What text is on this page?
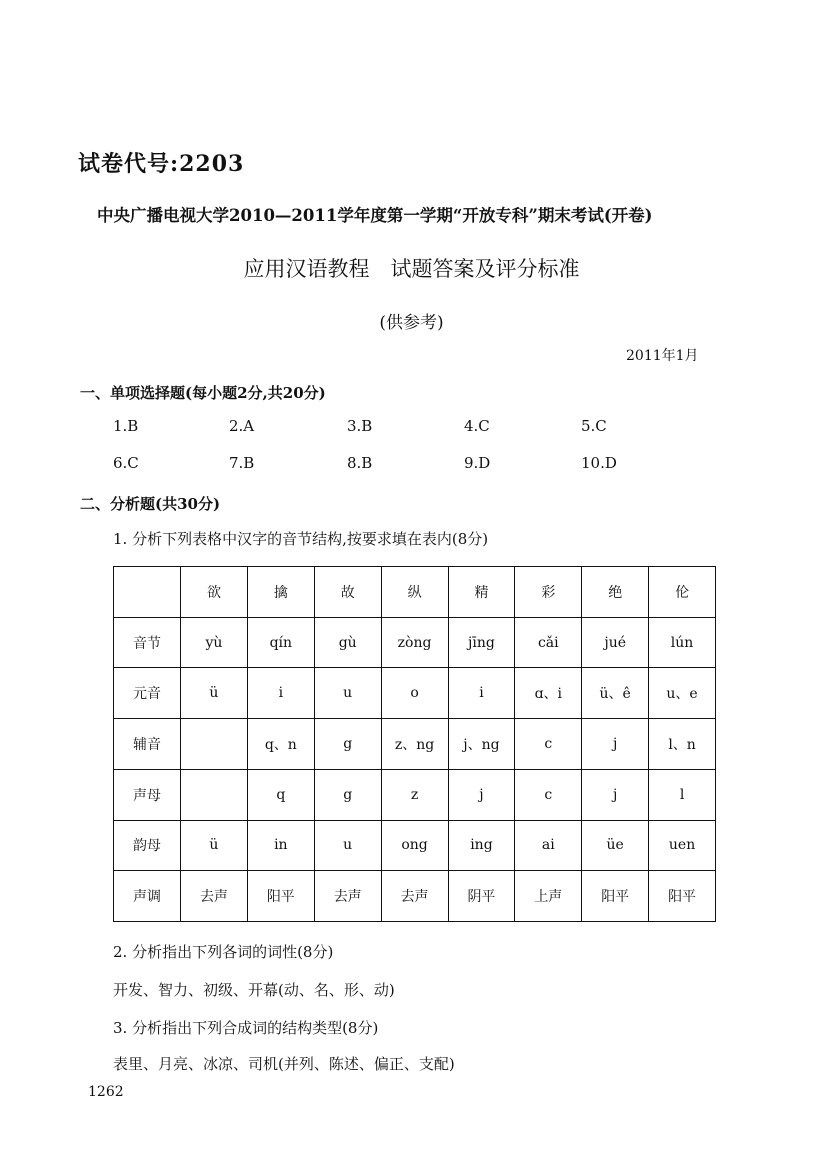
试卷代号:2203
中央广播电视大学2010—2011学年度第一学期“开放专科”期末考试(开卷)
应用汉语教程　试题答案及评分标准
(供参考)
2011年1月
一、单项选择题(每小题2分,共20分)
1.B	2.A	3.B	4.C	5.C
6.C	7.B	8.B	9.D	10.D
二、分析题(共30分)
1. 分析下列表格中汉字的音节结构,按要求填在表内(8分)
	欲	擒	故	纵	精	彩	绝	伦
音节	yù	qín	gù	zòng	jīng	cǎi	jué	lún
元音	ü	i	u	o	i	ɑ、i	ü、ê	u、e
辅音		q、n	g	z、ng	j、ng	c	j	l、n
声母		q	g	z	j	c	j	l
韵母	ü	in	u	ong	ing	ai	üe	uen
声调	去声	阳平	去声	去声	阴平	上声	阳平	阳平
2. 分析指出下列各词的词性(8分)
开发、智力、初级、开幕(动、名、形、动)
3. 分析指出下列合成词的结构类型(8分)
表里、月亮、冰凉、司机(并列、陈述、偏正、支配)
1262
